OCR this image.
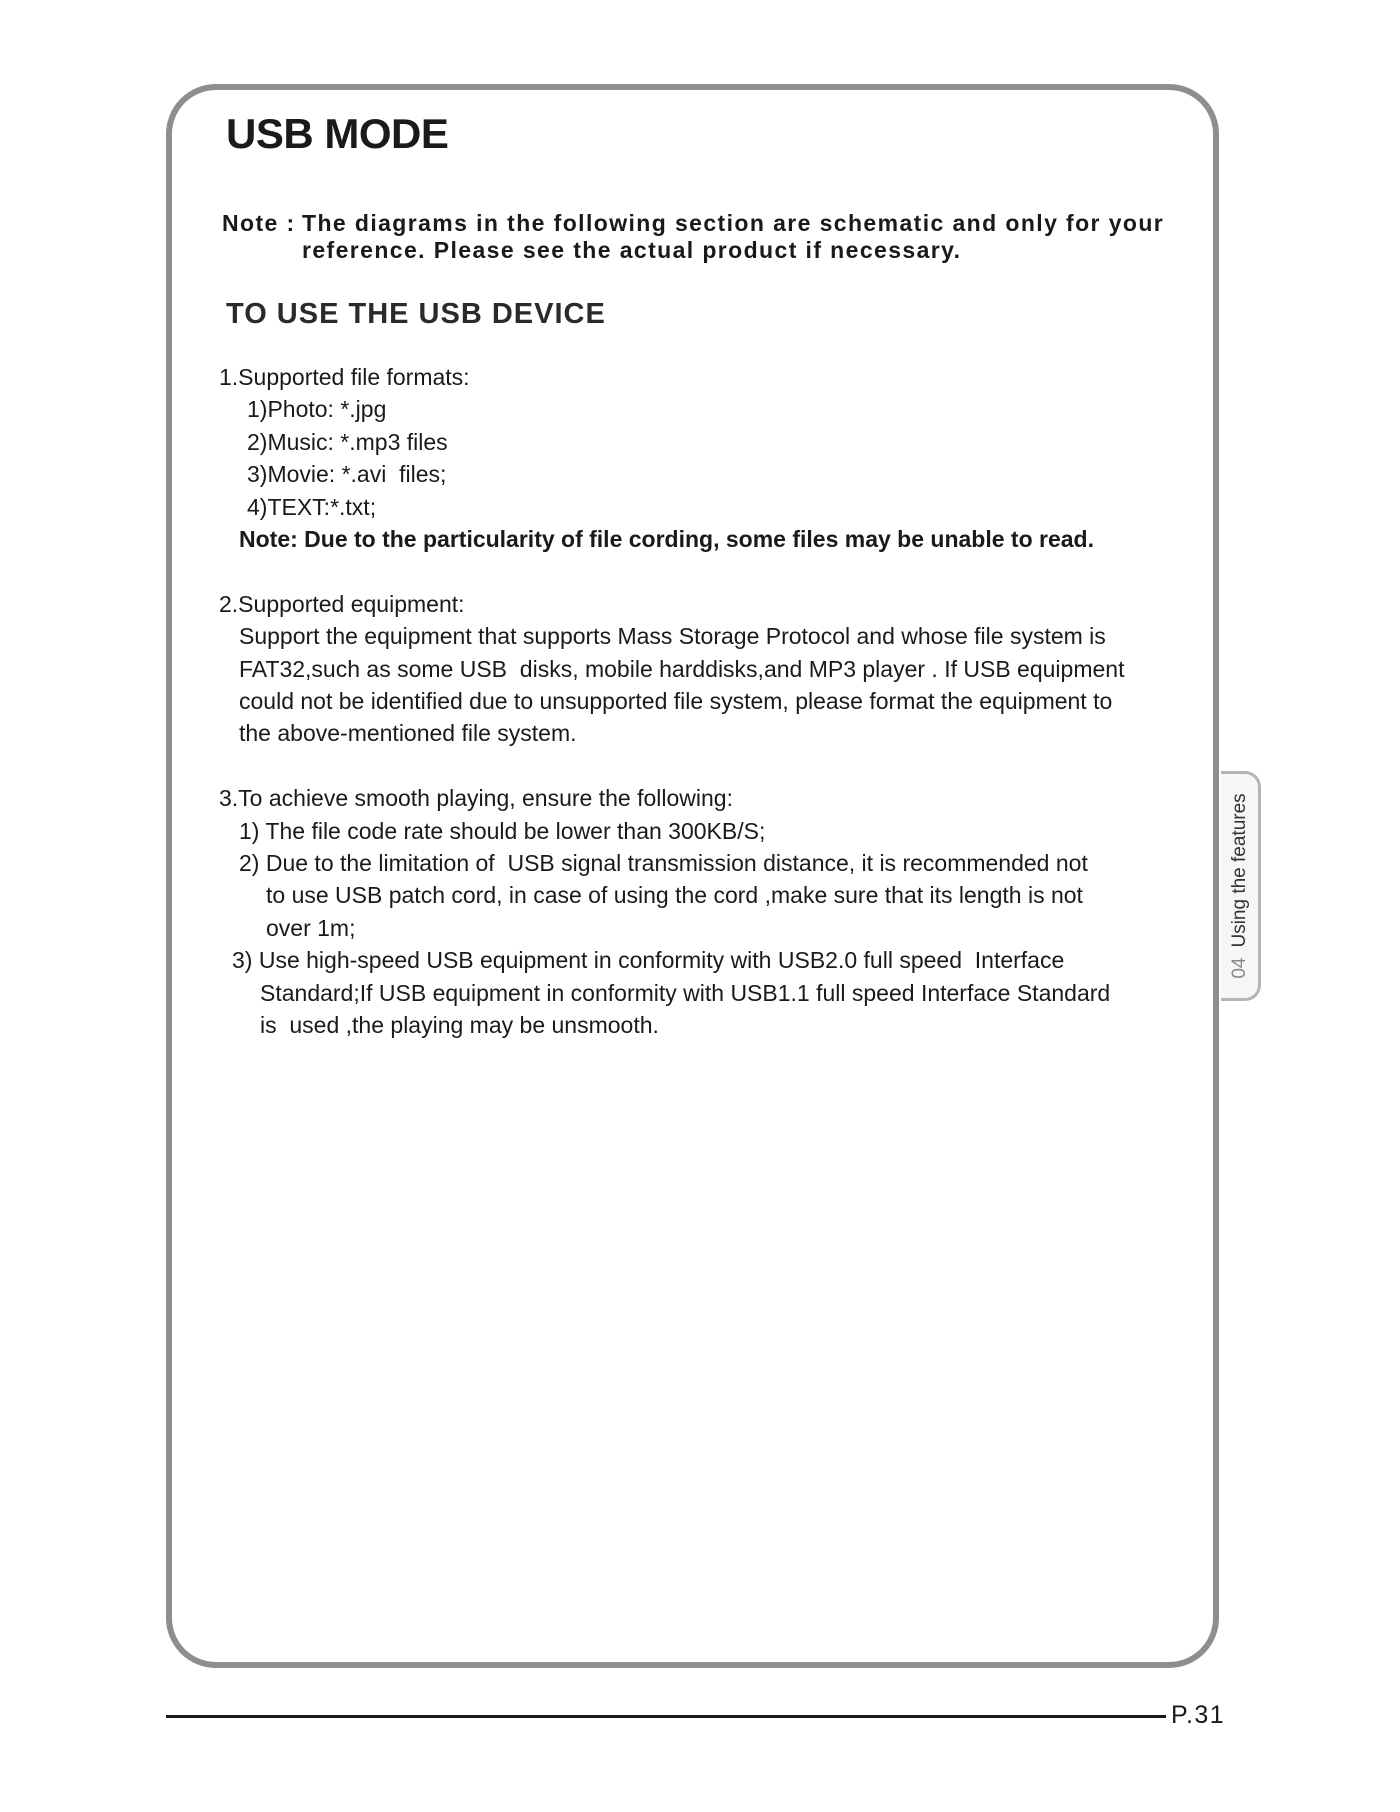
USB MODE
Note : The diagrams in the following section are schematic and only for your
reference. Please see the actual product if necessary.
TO USE THE USB DEVICE
1.Supported file formats:
1)Photo: *.jpg
2)Music: *.mp3 files
3)Movie: *.avi  files;
4)TEXT:*.txt;
Note: Due to the particularity of file cording, some files may be unable to read.
2.Supported equipment:
Support the equipment that supports Mass Storage Protocol and whose file system is
FAT32,such as some USB  disks, mobile harddisks,and MP3 player . If USB equipment
could not be identified due to unsupported file system, please format the equipment to
the above-mentioned file system.
3.To achieve smooth playing, ensure the following:
1) The file code rate should be lower than 300KB/S;
2) Due to the limitation of  USB signal transmission distance, it is recommended not
to use USB patch cord, in case of using the cord ,make sure that its length is not
over 1m;
3) Use high-speed USB equipment in conformity with USB2.0 full speed  Interface
Standard;If USB equipment in conformity with USB1.1 full speed Interface Standard
is  used ,the playing may be unsmooth.
04Using the features
P.31
